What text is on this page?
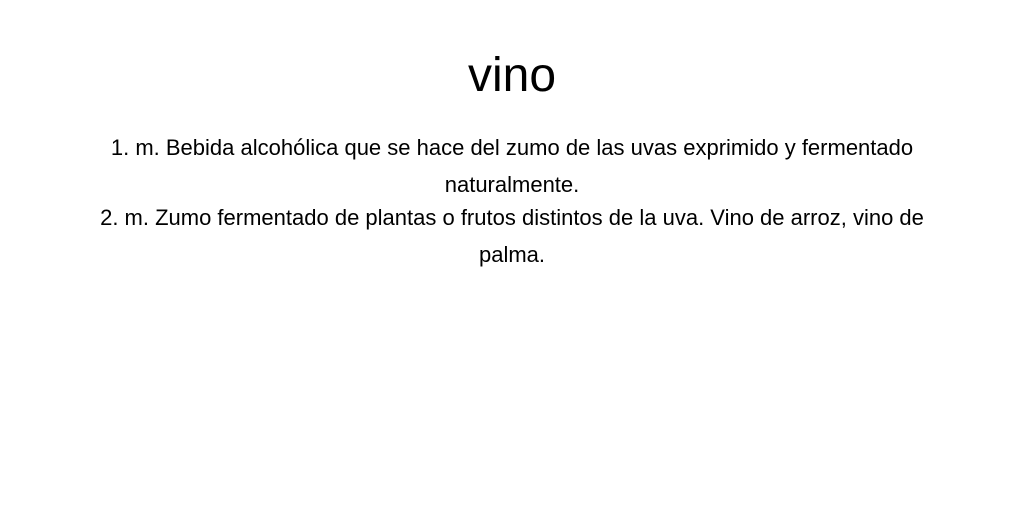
vino
1. m. Bebida alcohólica que se hace del zumo de las uvas exprimido y fermentado naturalmente.
2. m. Zumo fermentado de plantas o frutos distintos de la uva. Vino de arroz, vino de palma.
